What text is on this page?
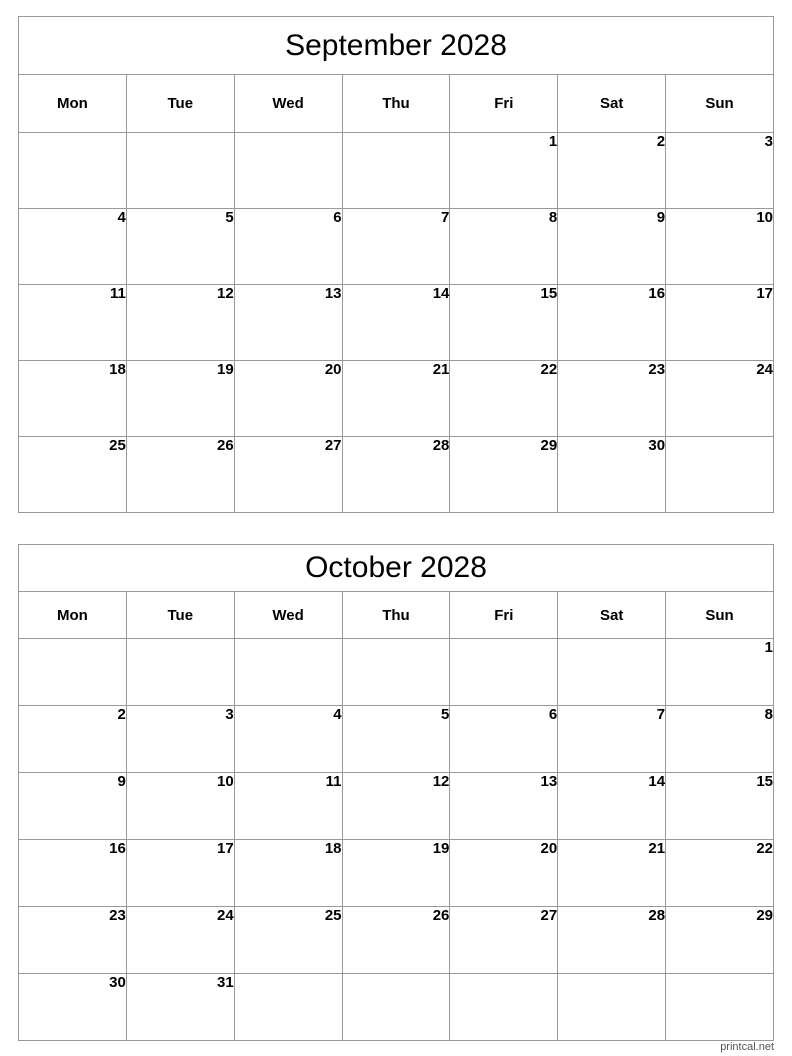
September 2028						
Mon	Tue	Wed	Thu	Fri	Sat	Sun
				1	2	3
4	5	6	7	8	9	10
11	12	13	14	15	16	17
18	19	20	21	22	23	24
25	26	27	28	29	30	
October 2028						
Mon	Tue	Wed	Thu	Fri	Sat	Sun
						1
2	3	4	5	6	7	8
9	10	11	12	13	14	15
16	17	18	19	20	21	22
23	24	25	26	27	28	29
30	31					
printcal.net
